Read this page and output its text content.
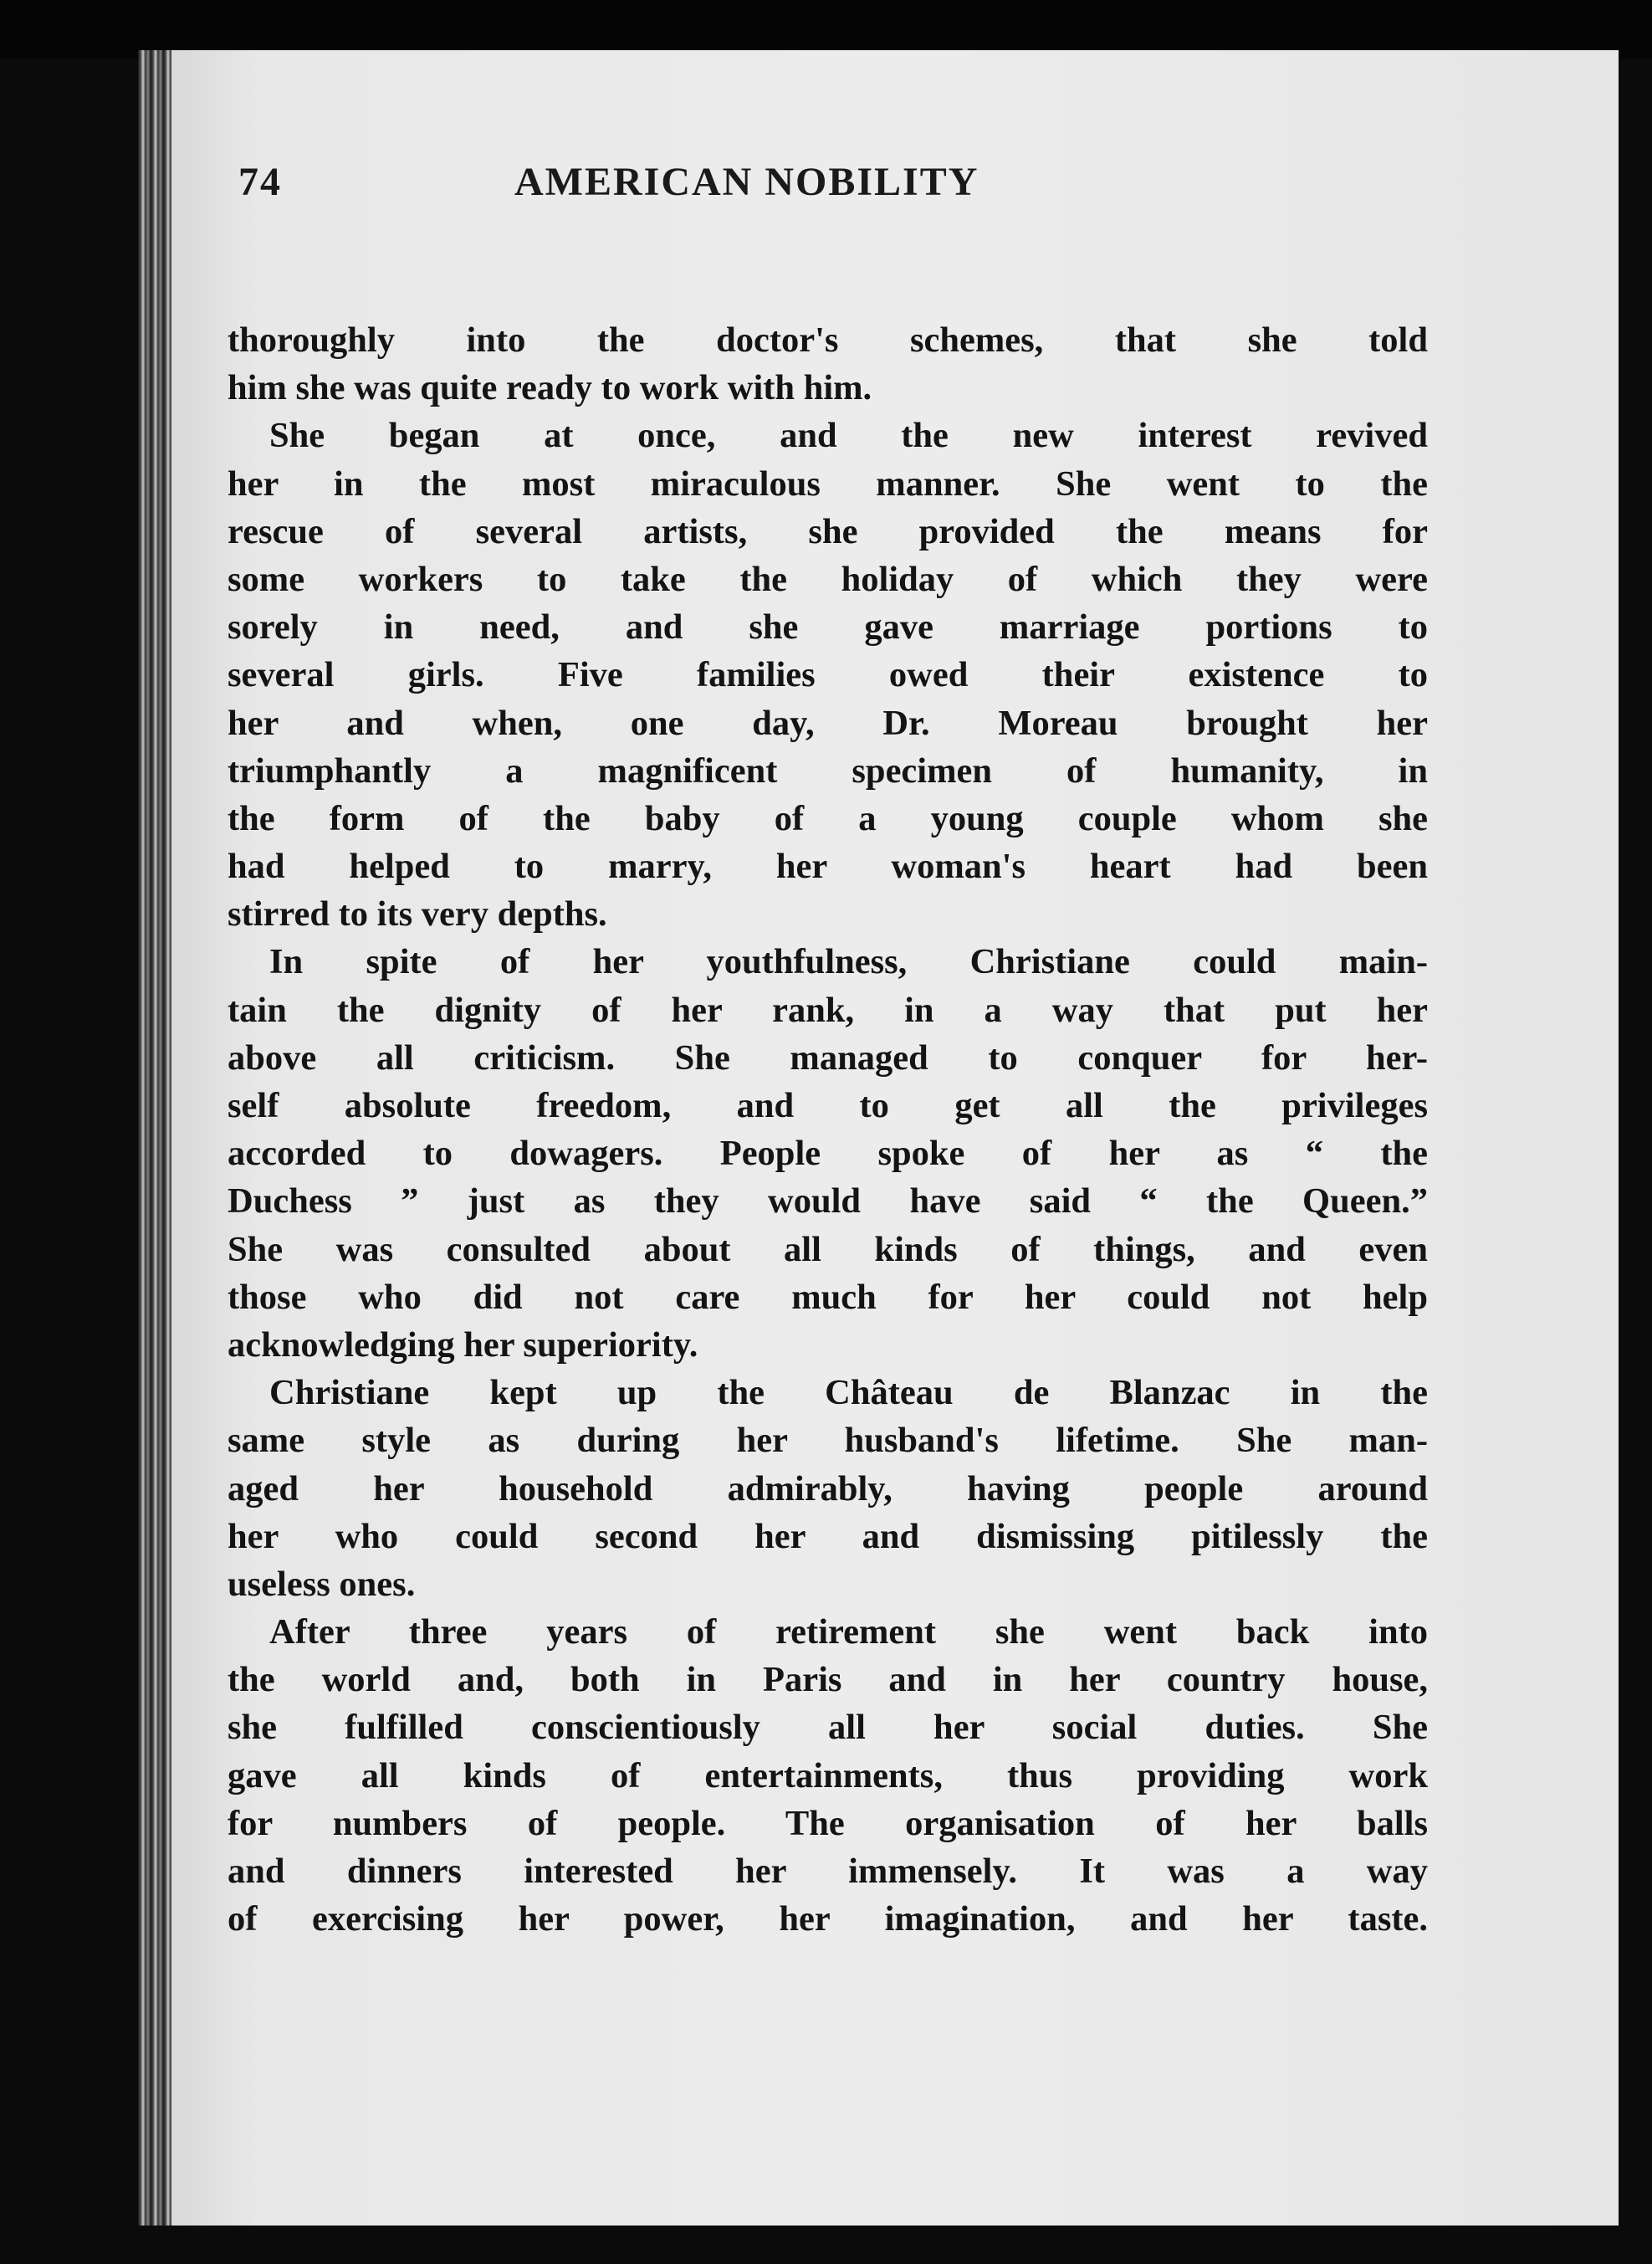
74	AMERICAN NOBILITY
thoroughly into the doctor's schemes, that she told
him she was quite ready to work with him.
She began at once, and the new interest revived
her in the most miraculous manner. She went to the
rescue of several artists, she provided the means for
some workers to take the holiday of which they were
sorely in need, and she gave marriage portions to
several girls. Five families owed their existence to
her and when, one day, Dr. Moreau brought her
triumphantly a magnificent specimen of humanity, in
the form of the baby of a young couple whom she
had helped to marry, her woman's heart had been
stirred to its very depths.
In spite of her youthfulness, Christiane could main-
tain the dignity of her rank, in a way that put her
above all criticism. She managed to conquer for her-
self absolute freedom, and to get all the privileges
accorded to dowagers. People spoke of her as “ the
Duchess ” just as they would have said “ the Queen.”
She was consulted about all kinds of things, and even
those who did not care much for her could not help
acknowledging her superiority.
Christiane kept up the Château de Blanzac in the
same style as during her husband's lifetime. She man-
aged her household admirably, having people around
her who could second her and dismissing pitilessly the
useless ones.
After three years of retirement she went back into
the world and, both in Paris and in her country house,
she fulfilled conscientiously all her social duties. She
gave all kinds of entertainments, thus providing work
for numbers of people. The organisation of her balls
and dinners interested her immensely. It was a way
of exercising her power, her imagination, and her taste.
